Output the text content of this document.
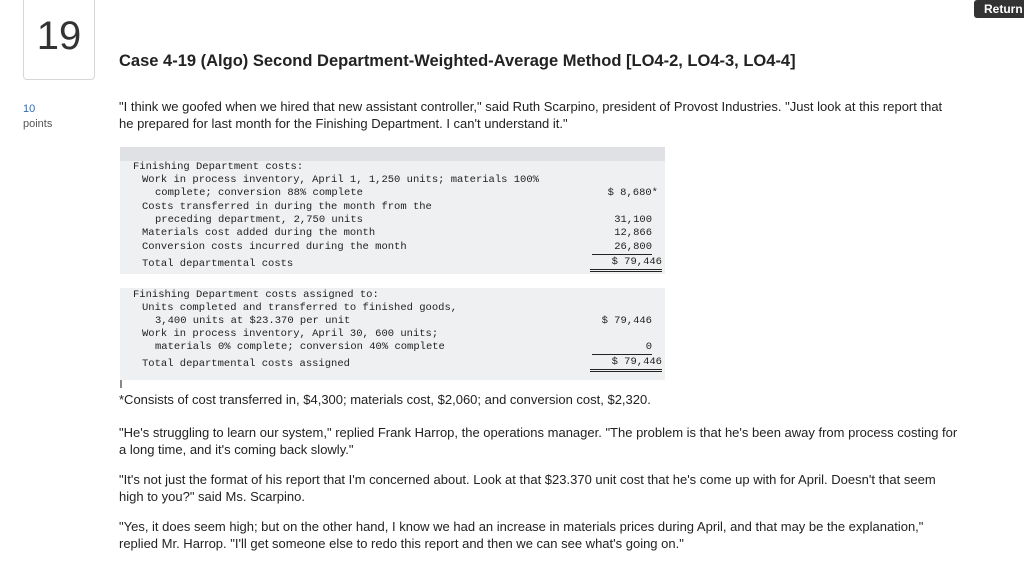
Return
19
10
points
Case 4-19 (Algo) Second Department-Weighted-Average Method [LO4-2, LO4-3, LO4-4]

"I think we goofed when we hired that new assistant controller," said Ruth Scarpino, president of Provost Industries. "Just look at this report that he prepared for last month for the Finishing Department. I can't understand it."

Finishing Department costs:
Work in process inventory, April 1, 1,250 units; materials 100%
complete; conversion 88% complete	$ 8,680*
Costs transferred in during the month from the
preceding department, 2,750 units	31,100
Materials cost added during the month	12,866
Conversion costs incurred during the month	26,800
Total departmental costs	$ 79,446
Finishing Department costs assigned to:
Units completed and transferred to finished goods,
3,400 units at $23.370 per unit	$ 79,446
Work in process inventory, April 30, 600 units;
materials 0% complete; conversion 40% complete	0
Total departmental costs assigned	$ 79,446

*Consists of cost transferred in, $4,300; materials cost, $2,060; and conversion cost, $2,320.

"He's struggling to learn our system," replied Frank Harrop, the operations manager. "The problem is that he's been away from process costing for a long time, and it's coming back slowly."

"It's not just the format of his report that I'm concerned about. Look at that $23.370 unit cost that he's come up with for April. Doesn't that seem high to you?" said Ms. Scarpino.

"Yes, it does seem high; but on the other hand, I know we had an increase in materials prices during April, and that may be the explanation," replied Mr. Harrop. "I'll get someone else to redo this report and then we can see what's going on."
